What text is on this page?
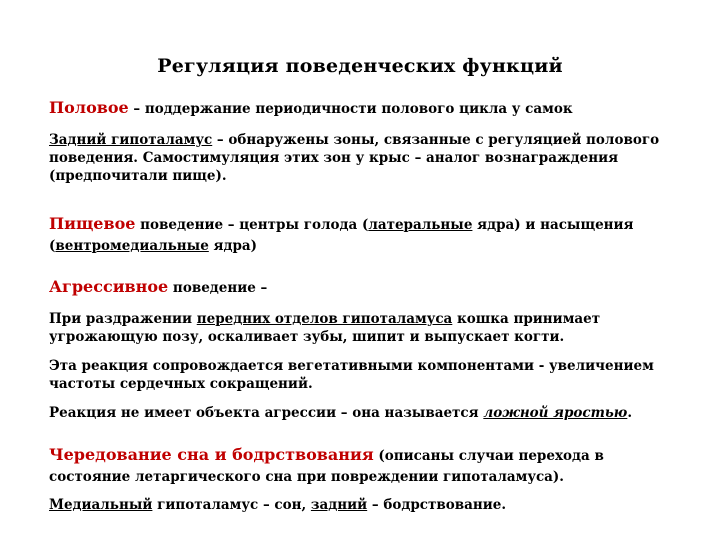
Регуляция поведенческих функций
Половое – поддержание периодичности полового цикла у самок
Задний гипоталамус – обнаружены зоны, связанные с регуляцией полового поведения. Самостимуляция этих зон у крыс – аналог вознаграждения (предпочитали пище).
Пищевое поведение – центры голода (латеральные ядра) и насыщения (вентромедиальные ядра)
Агрессивное поведение –
При раздражении передних отделов гипоталамуса кошка принимает угрожающую позу, оскаливает зубы, шипит и выпускает когти.
Эта реакция сопровождается вегетативными компонентами - увеличением частоты сердечных сокращений.
Реакция не имеет объекта агрессии – она называется ложной яростью.
Чередование сна и бодрствования (описаны случаи перехода в состояние летаргического сна при повреждении гипоталамуса).
Медиальный гипоталамус – сон, задний – бодрствование.
